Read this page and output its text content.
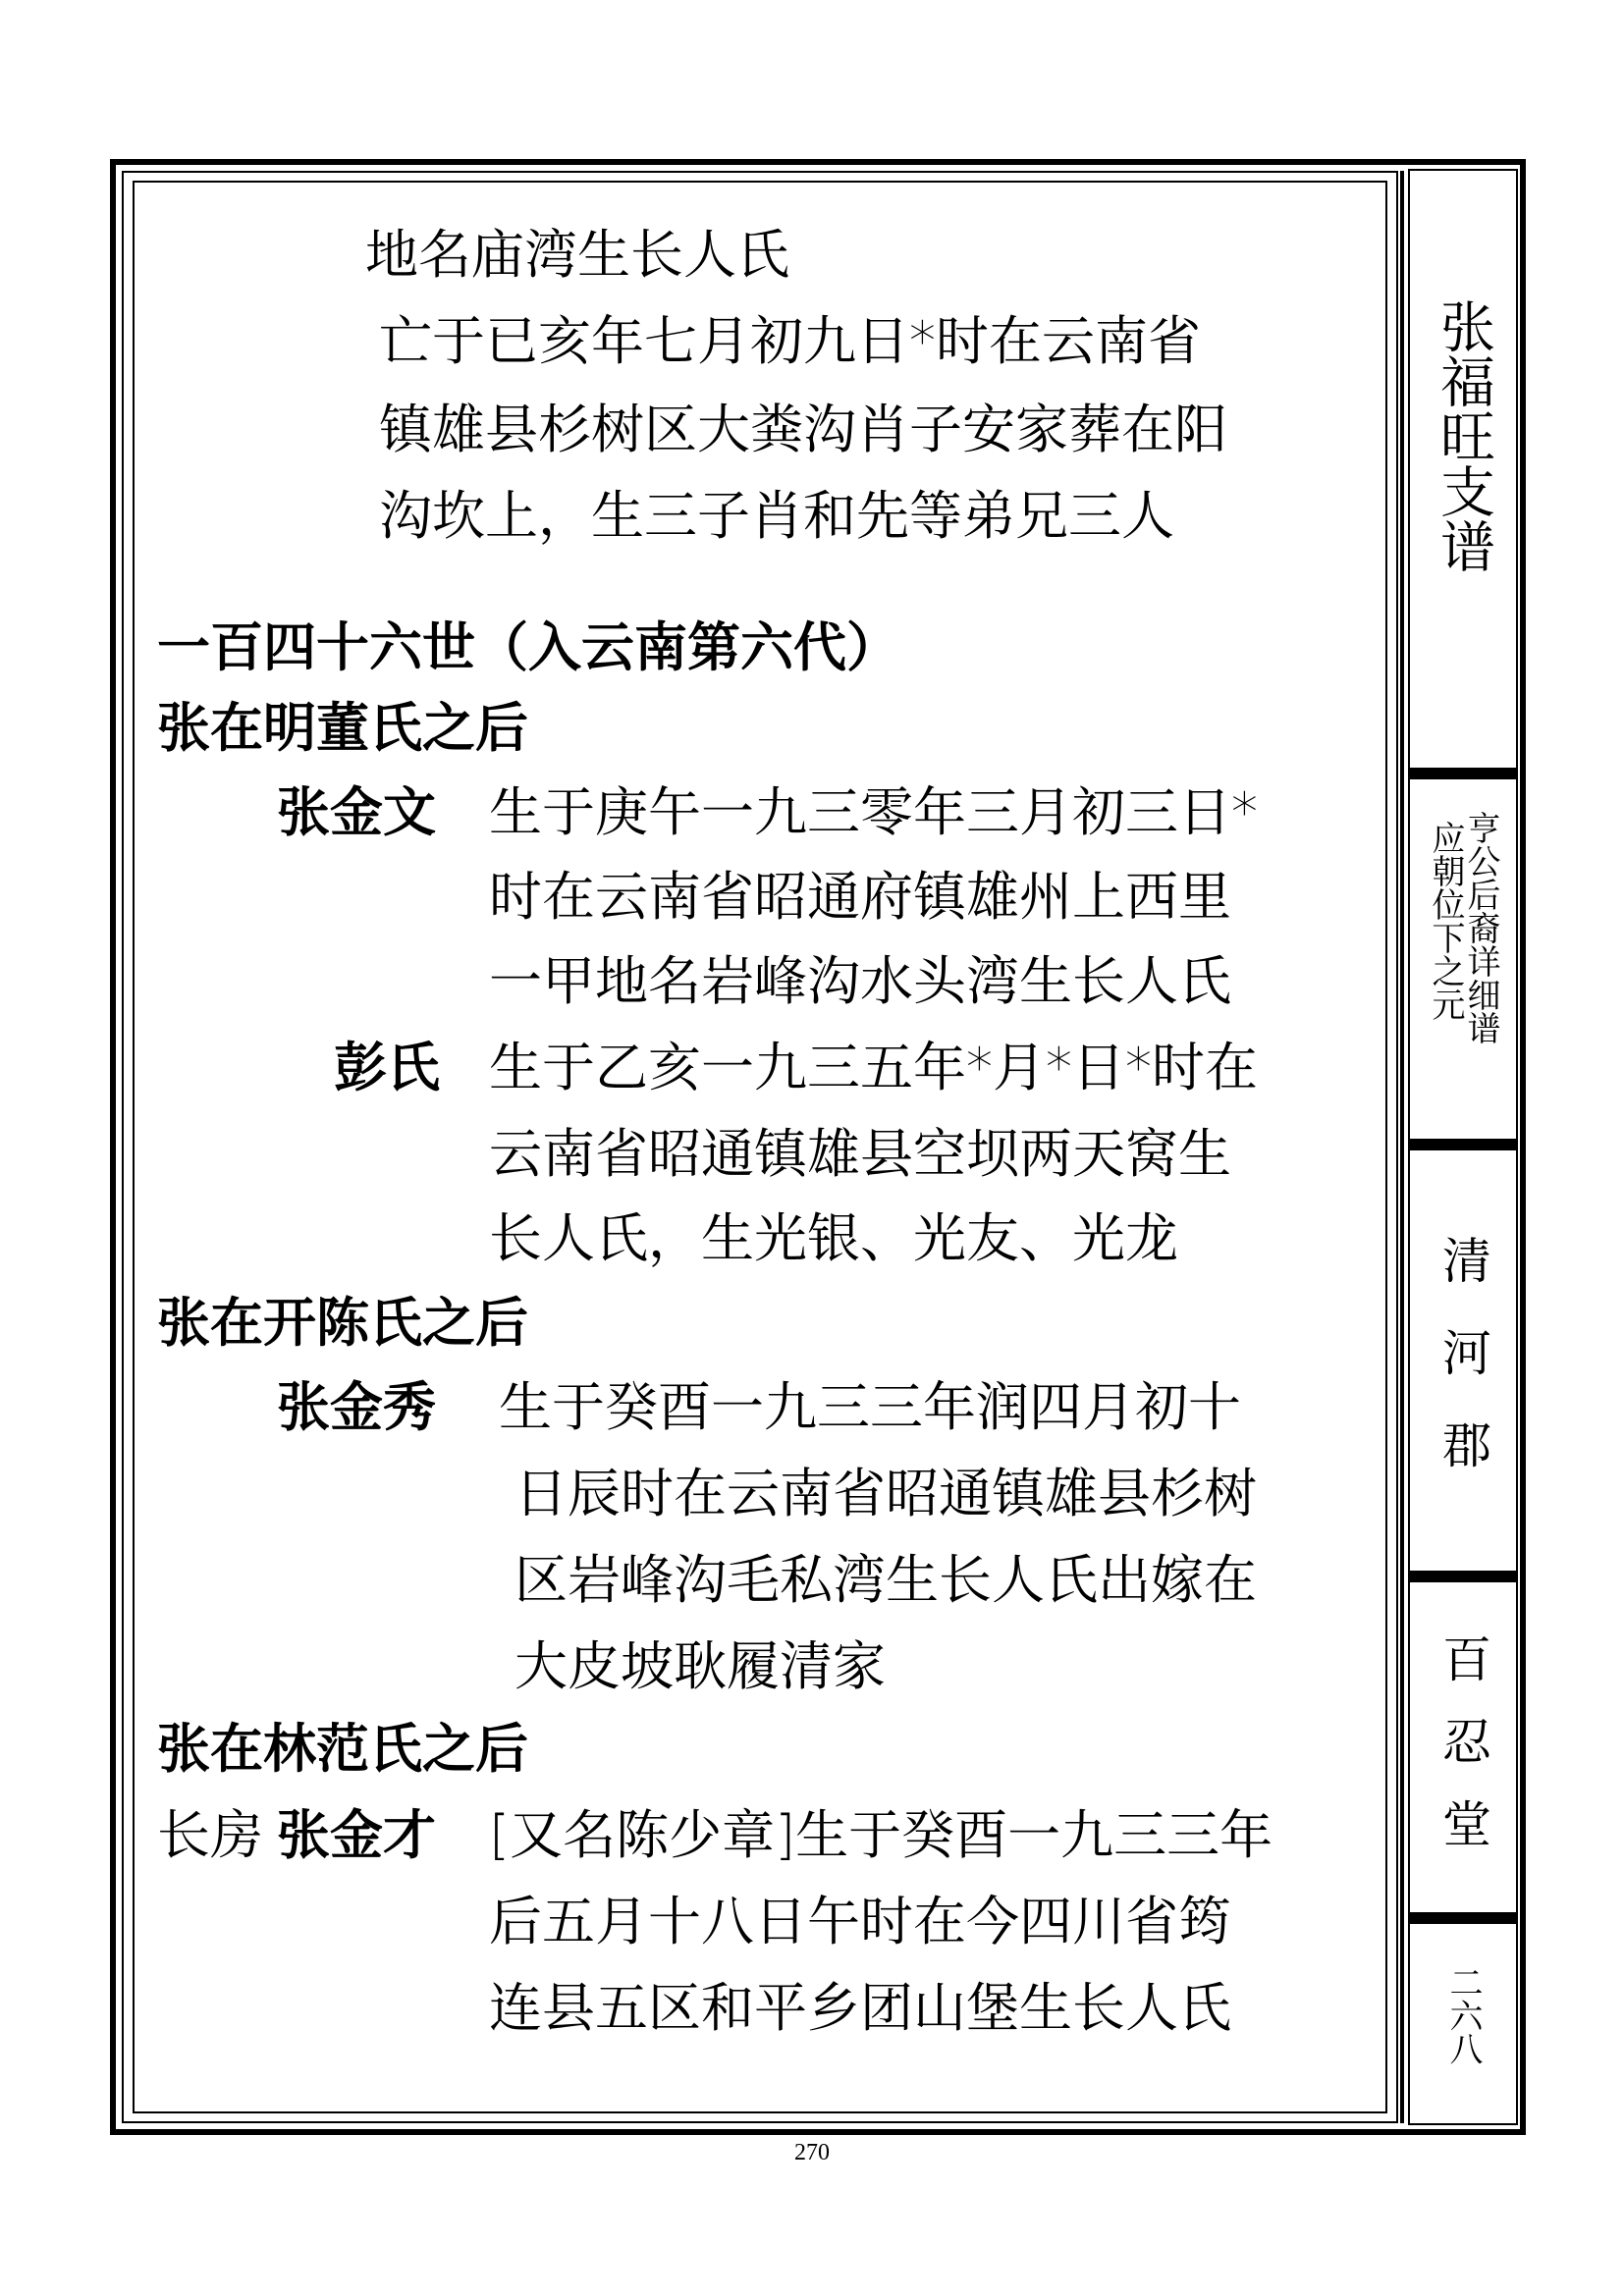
张福旺支谱
应朝位下之元
亨公后裔详细谱
清河郡
百忍堂
二六八
地名庙湾生长人氏
亡于已亥年七月初九日*时在云南省
镇雄县杉树区大粪沟肖子安家葬在阳
沟坎上，生三子肖和先等弟兄三人
一百四十六世（入云南第六代）
张在明董氏之后
张金文 生于庚午一九三零年三月初三日*
时在云南省昭通府镇雄州上西里
一甲地名岩峰沟水头湾生长人氏
彭氏 生于乙亥一九三五年*月*日*时在
云南省昭通镇雄县空坝两天窝生
长人氏，生光银、光友、光龙
张在开陈氏之后
张金秀 生于癸酉一九三三年润四月初十
日辰时在云南省昭通镇雄县杉树
区岩峰沟毛私湾生长人氏出嫁在
大皮坡耿履清家
张在林范氏之后
长房 张金才 [又名陈少章]生于癸酉一九三三年
后五月十八日午时在今四川省筠
连县五区和平乡团山堡生长人氏
270
